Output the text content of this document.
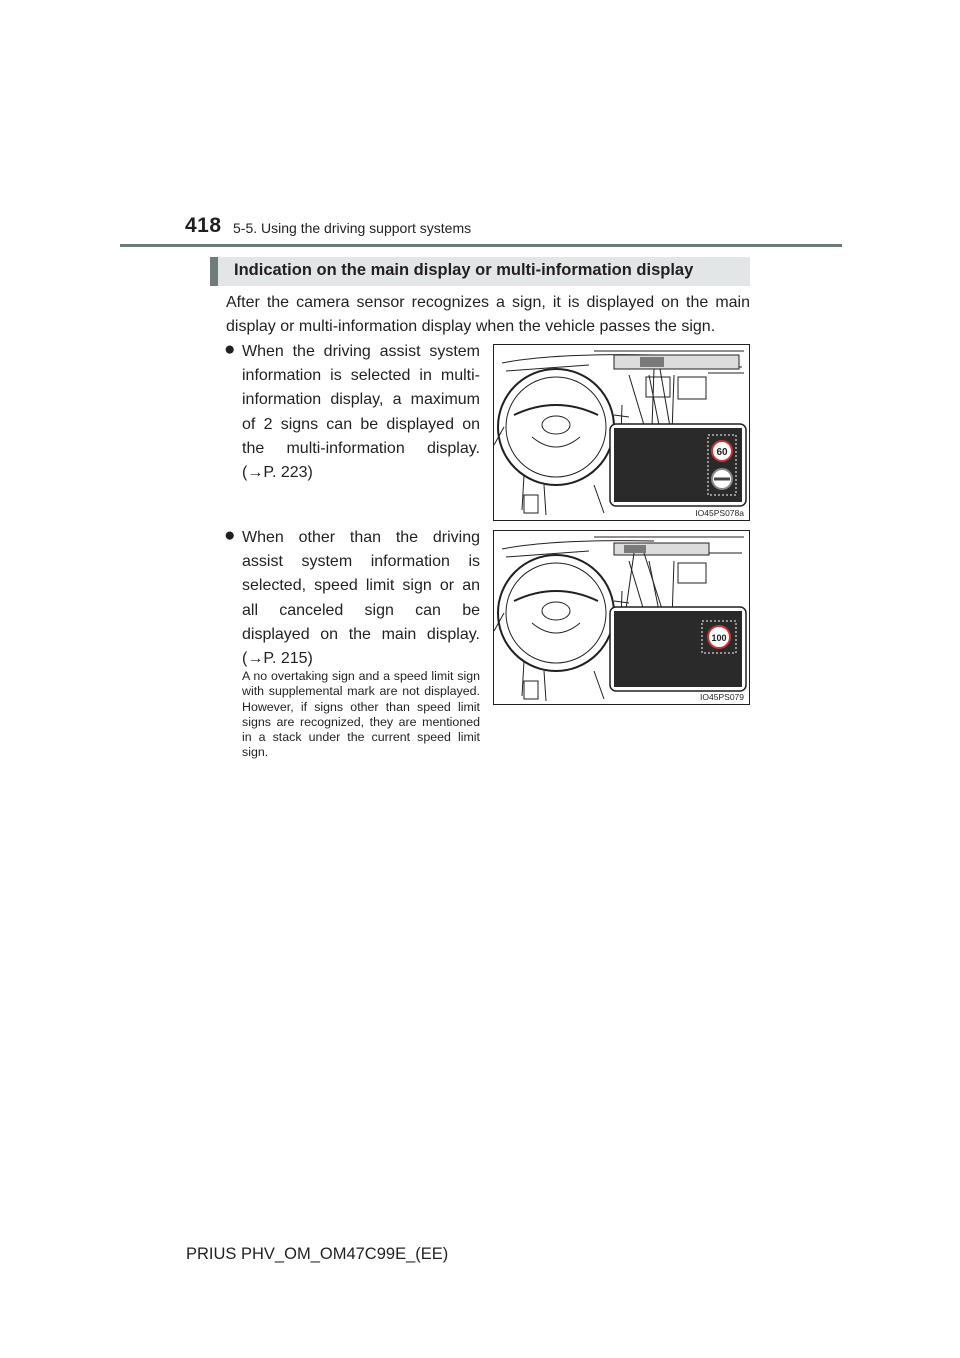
418 5-5. Using the driving support systems
Indication on the main display or multi-information display
After the camera sensor recognizes a sign, it is displayed on the main display or multi-information display when the vehicle passes the sign.
● When the driving assist system information is selected in multi-information display, a maximum of 2 signs can be displayed on the multi-information display. (→P. 223)
● When other than the driving assist system information is selected, speed limit sign or an all canceled sign can be displayed on the main display. (→P. 215)
A no overtaking sign and a speed limit sign with supplemental mark are not displayed. However, if signs other than speed limit signs are recognized, they are mentioned in a stack under the current speed limit sign.
60
IO45PS078a
100
IO45PS079
PRIUS PHV_OM_OM47C99E_(EE)
